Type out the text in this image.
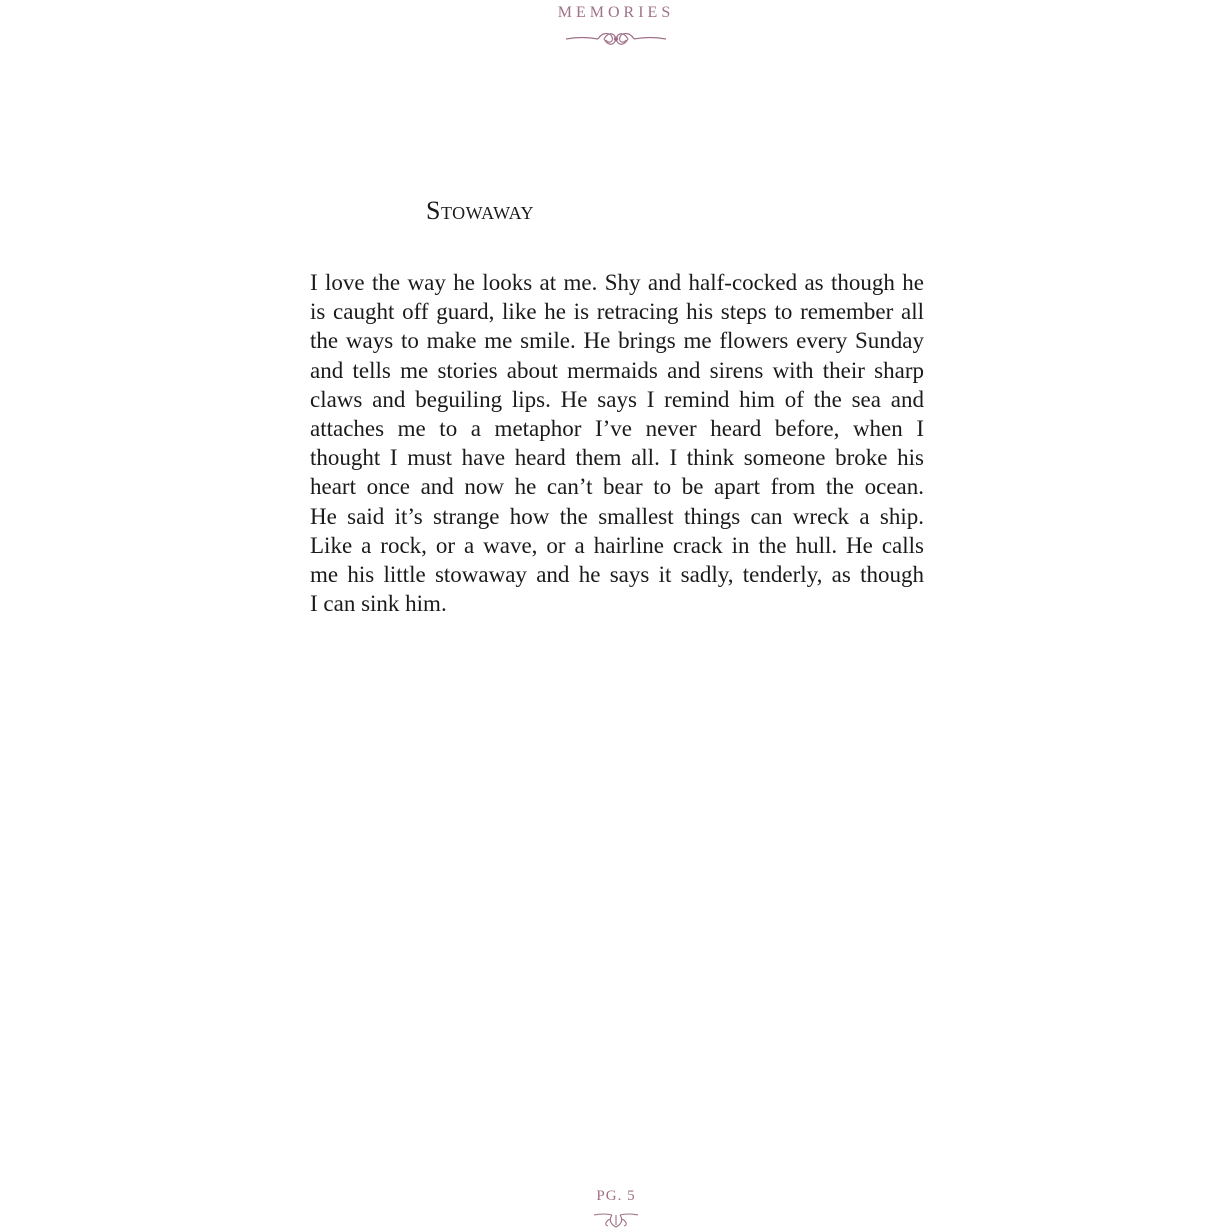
MEMORIES
Stowaway
I love the way he looks at me. Shy and half-cocked as though he
is caught off guard, like he is retracing his steps to remember all
the ways to make me smile. He brings me flowers every Sunday
and tells me stories about mermaids and sirens with their sharp
claws and beguiling lips. He says I remind him of the sea and
attaches me to a metaphor I’ve never heard before, when I
thought I must have heard them all. I think someone broke his
heart once and now he can’t bear to be apart from the ocean.
He said it’s strange how the smallest things can wreck a ship.
Like a rock, or a wave, or a hairline crack in the hull. He calls
me his little stowaway and he says it sadly, tenderly, as though
I can sink him.
PG. 5
